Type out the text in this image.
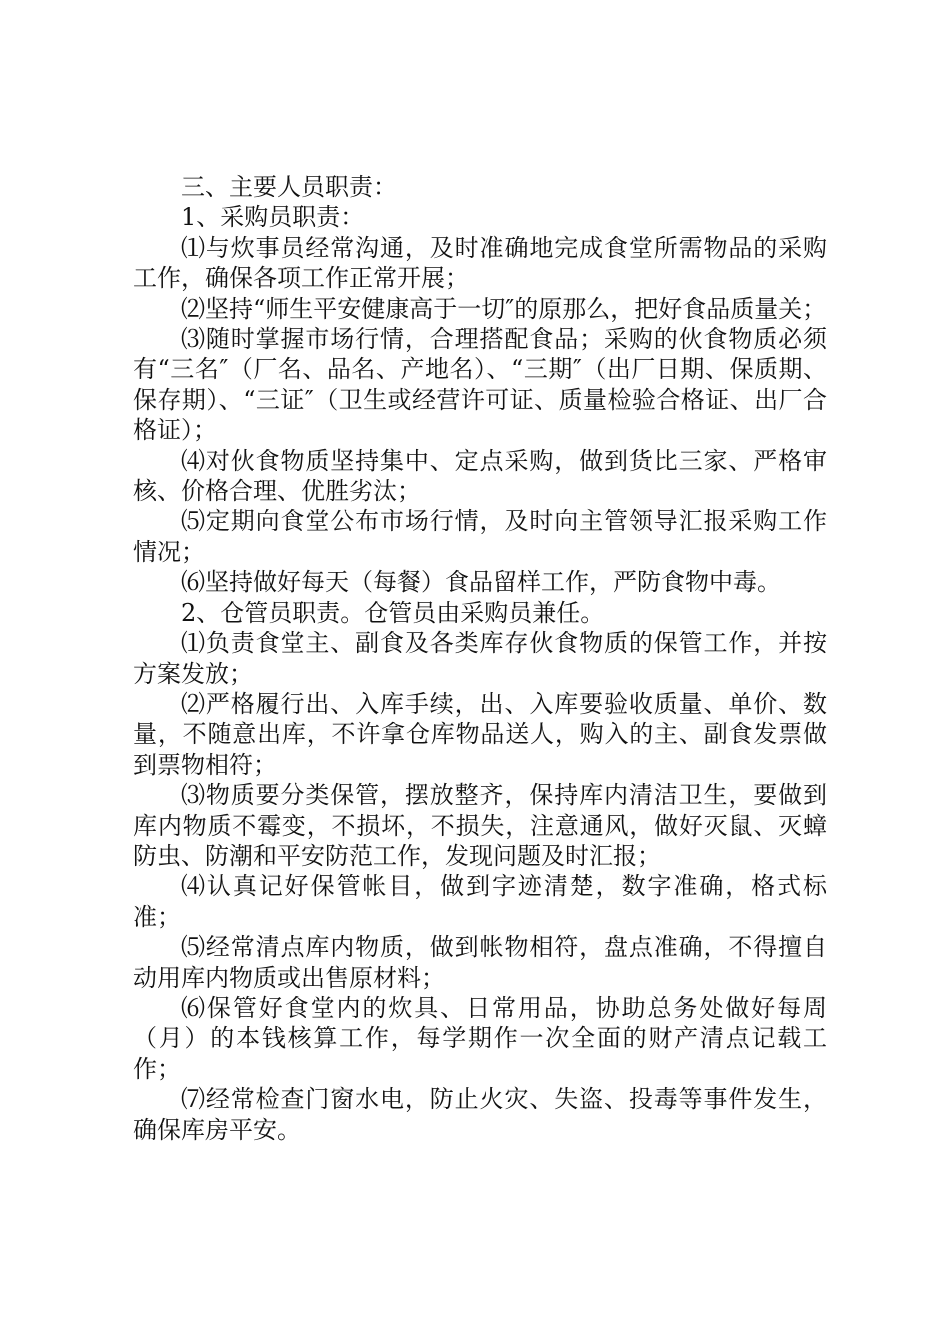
三、主要人员职责：

1、采购员职责：

⑴与炊事员经常沟通，及时准确地完成食堂所需物品的采购工作，确保各项工作正常开展；

⑵坚持“师生平安健康高于一切″的原那么，把好食品质量关；

⑶随时掌握市场行情，合理搭配食品；采购的伙食物质必须有“三名″（厂名、品名、产地名）、“三期″（出厂日期、保质期、保存期）、“三证″（卫生或经营许可证、质量检验合格证、出厂合格证）；

⑷对伙食物质坚持集中、定点采购，做到货比三家、严格审核、价格合理、优胜劣汰；

⑸定期向食堂公布市场行情，及时向主管领导汇报采购工作情况；

⑹坚持做好每天（每餐）食品留样工作，严防食物中毒。

2、仓管员职责。仓管员由采购员兼任。

⑴负责食堂主、副食及各类库存伙食物质的保管工作，并按方案发放；

⑵严格履行出、入库手续，出、入库要验收质量、单价、数量，不随意出库，不许拿仓库物品送人，购入的主、副食发票做到票物相符；

⑶物质要分类保管，摆放整齐，保持库内清洁卫生，要做到库内物质不霉变，不损坏，不损失，注意通风，做好灭鼠、灭蟑防虫、防潮和平安防范工作，发现问题及时汇报；

⑷认真记好保管帐目，做到字迹清楚，数字准确，格式标准；

⑸经常清点库内物质，做到帐物相符，盘点准确，不得擅自动用库内物质或出售原材料；

⑹保管好食堂内的炊具、日常用品，协助总务处做好每周（月）的本钱核算工作，每学期作一次全面的财产清点记载工作；

⑺经常检查门窗水电，防止火灾、失盗、投毒等事件发生，确保库房平安。
